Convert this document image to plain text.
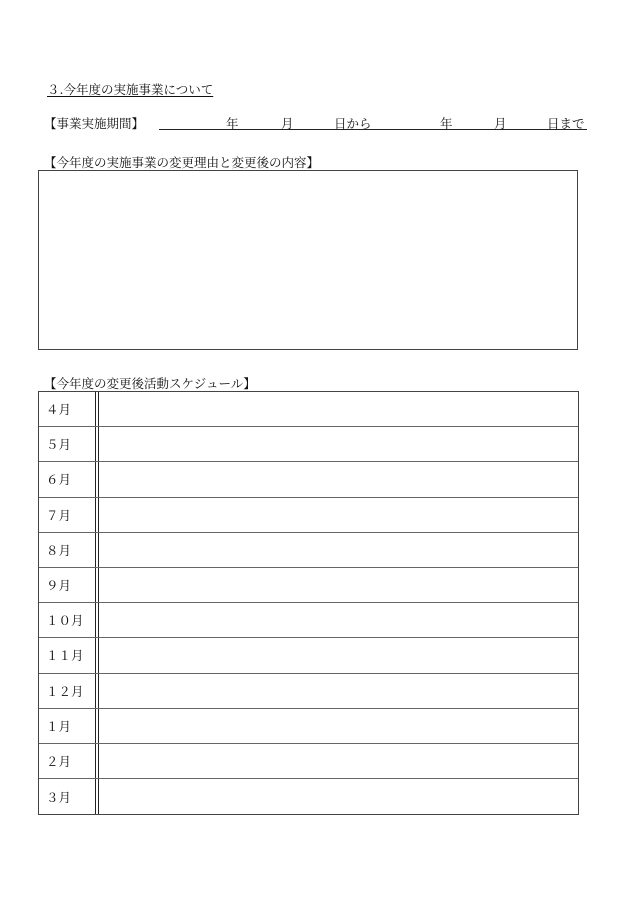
３.今年度の実施事業について
【事業実施期間】	年	月	日から	年	月	日まで
【今年度の実施事業の変更理由と変更後の内容】
【今年度の変更後活動スケジュール】
４月
５月
６月
７月
８月
９月
１０月
１１月
１２月
１月
２月
３月
